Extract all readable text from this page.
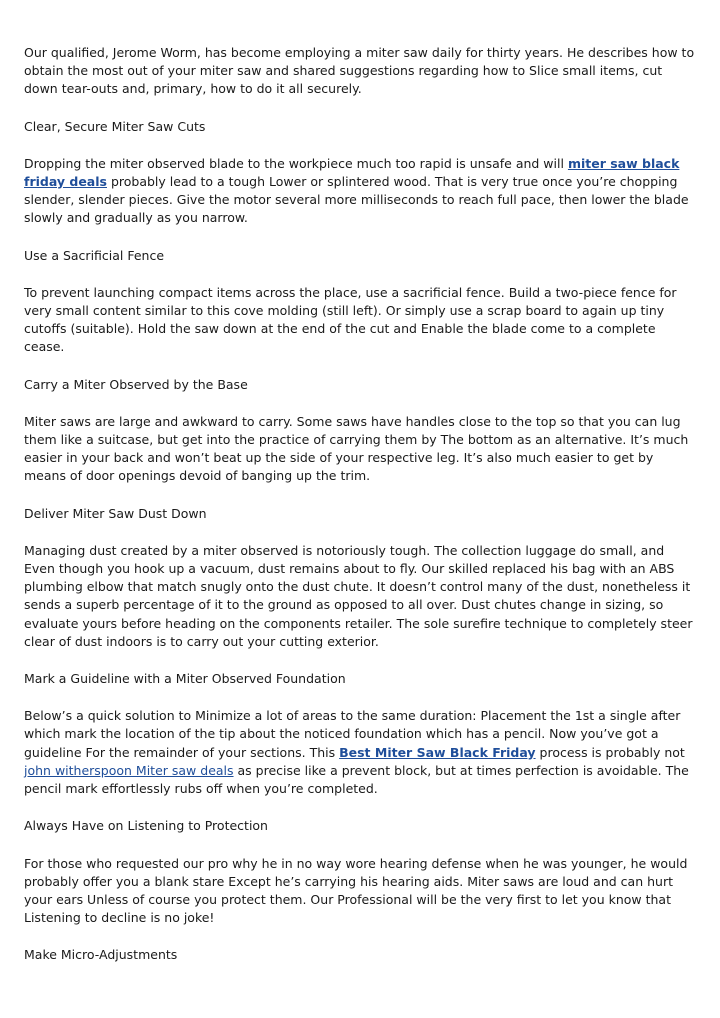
Our qualified, Jerome Worm, has become employing a miter saw daily for thirty years. He describes how to obtain the most out of your miter saw and shared suggestions regarding how to Slice small items, cut down tear-outs and, primary, how to do it all securely.

Clear, Secure Miter Saw Cuts

Dropping the miter observed blade to the workpiece much too rapid is unsafe and will miter saw black friday deals probably lead to a tough Lower or splintered wood. That is very true once you’re chopping slender, slender pieces. Give the motor several more milliseconds to reach full pace, then lower the blade slowly and gradually as you narrow.

Use a Sacrificial Fence

To prevent launching compact items across the place, use a sacrificial fence. Build a two-piece fence for very small content similar to this cove molding (still left). Or simply use a scrap board to again up tiny cutoffs (suitable). Hold the saw down at the end of the cut and Enable the blade come to a complete cease.

Carry a Miter Observed by the Base

Miter saws are large and awkward to carry. Some saws have handles close to the top so that you can lug them like a suitcase, but get into the practice of carrying them by The bottom as an alternative. It’s much easier in your back and won’t beat up the side of your respective leg. It’s also much easier to get by means of door openings devoid of banging up the trim.

Deliver Miter Saw Dust Down

Managing dust created by a miter observed is notoriously tough. The collection luggage do small, and Even though you hook up a vacuum, dust remains about to fly. Our skilled replaced his bag with an ABS plumbing elbow that match snugly onto the dust chute. It doesn’t control many of the dust, nonetheless it sends a superb percentage of it to the ground as opposed to all over. Dust chutes change in sizing, so evaluate yours before heading on the components retailer. The sole surefire technique to completely steer clear of dust indoors is to carry out your cutting exterior.

Mark a Guideline with a Miter Observed Foundation

Below’s a quick solution to Minimize a lot of areas to the same duration: Placement the 1st a single after which mark the location of the tip about the noticed foundation which has a pencil. Now you’ve got a guideline For the remainder of your sections. This Best Miter Saw Black Friday process is probably not john witherspoon Miter saw deals as precise like a prevent block, but at times perfection is avoidable. The pencil mark effortlessly rubs off when you’re completed.

Always Have on Listening to Protection

For those who requested our pro why he in no way wore hearing defense when he was younger, he would probably offer you a blank stare Except he’s carrying his hearing aids. Miter saws are loud and can hurt your ears Unless of course you protect them. Our Professional will be the very first to let you know that Listening to decline is no joke!

Make Micro-Adjustments
